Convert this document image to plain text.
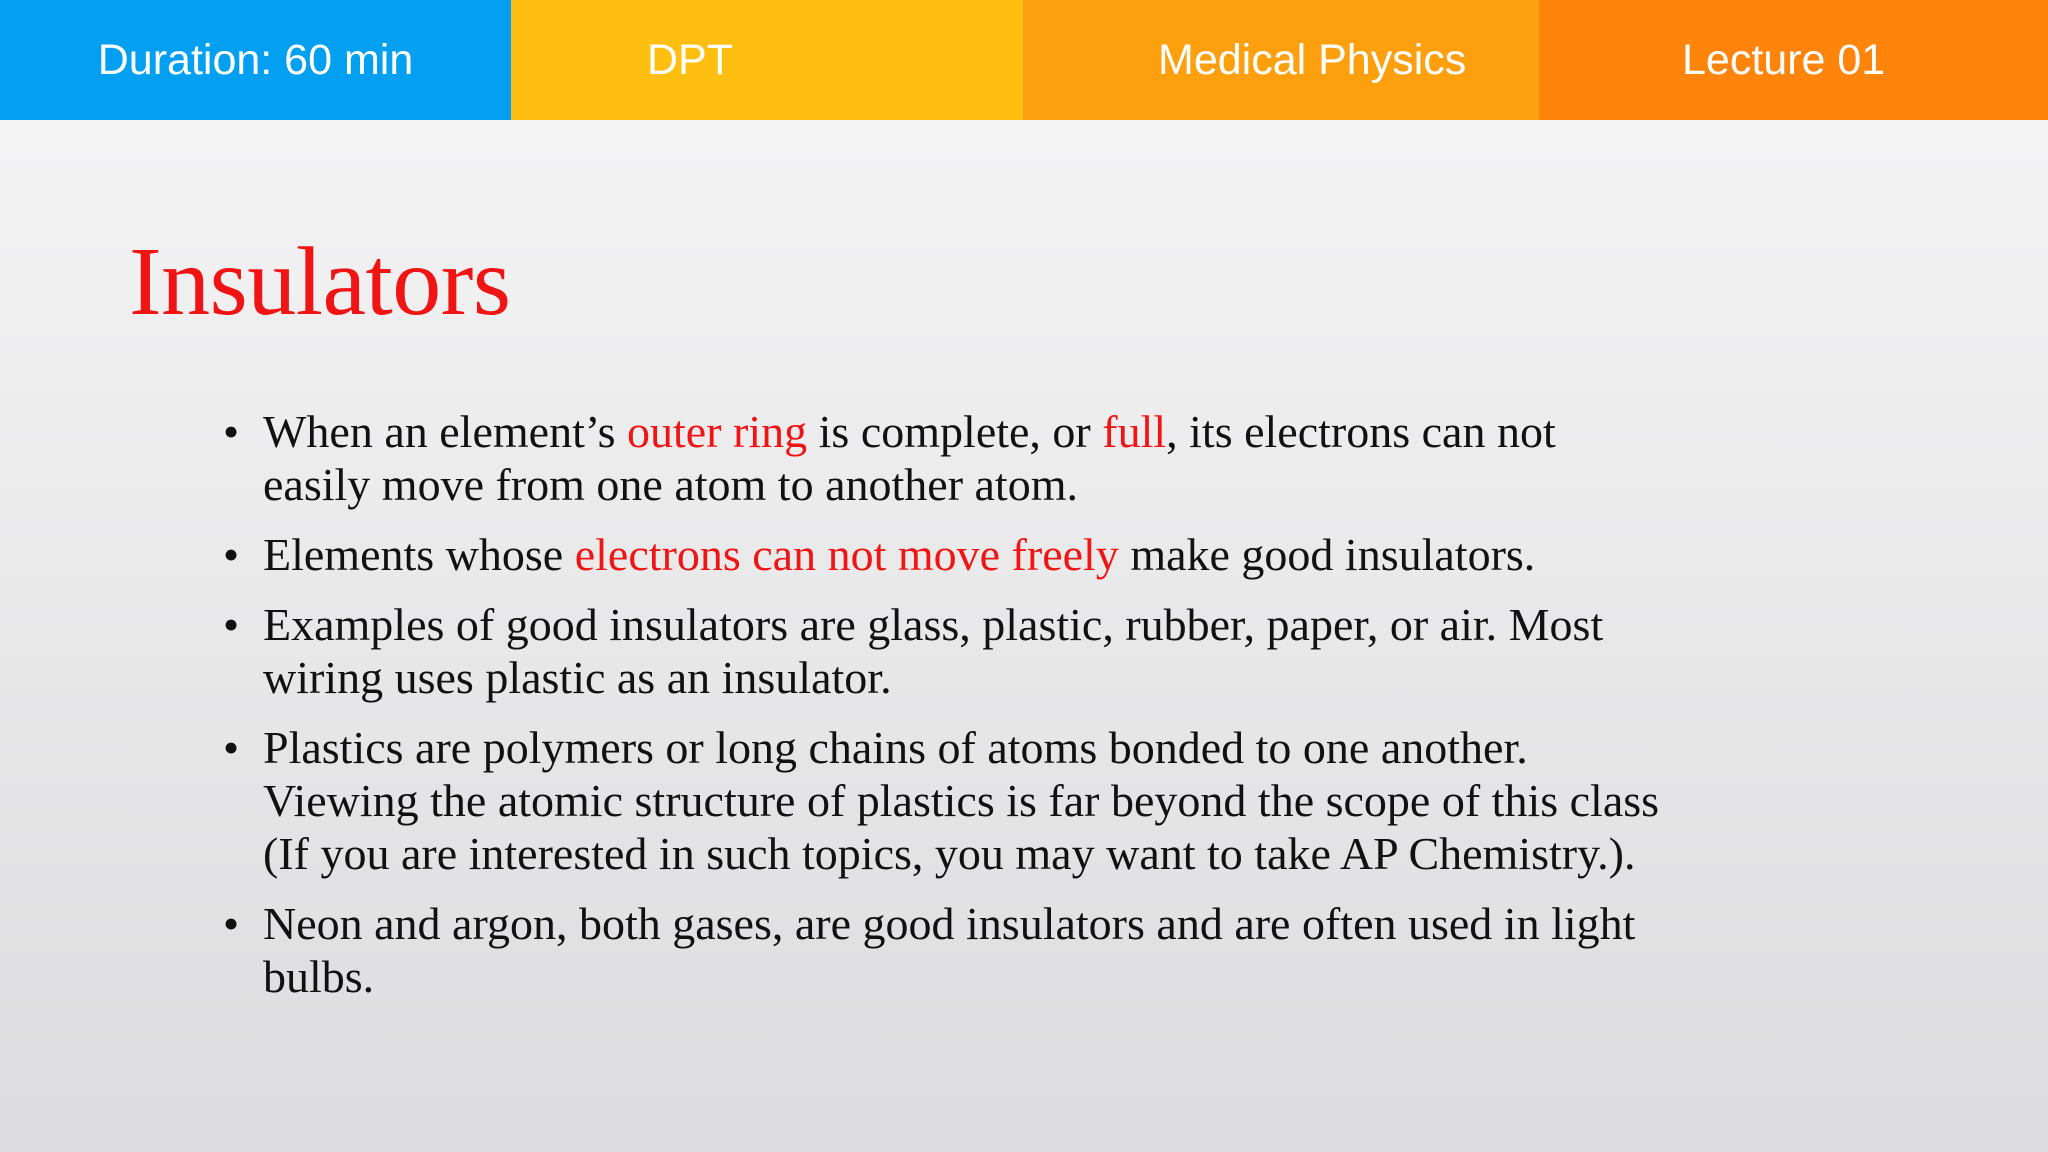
Duration: 60 min	DPT	Medical Physics	Lecture 01
Insulators
• When an element’s outer ring is complete, or full, its electrons can not easily move from one atom to another atom.
• Elements whose electrons can not move freely make good insulators.
• Examples of good insulators are glass, plastic, rubber, paper, or air. Most wiring uses plastic as an insulator.
• Plastics are polymers or long chains of atoms bonded to one another. Viewing the atomic structure of plastics is far beyond the scope of this class (If you are interested in such topics, you may want to take AP Chemistry.).
• Neon and argon, both gases, are good insulators and are often used in light bulbs.
